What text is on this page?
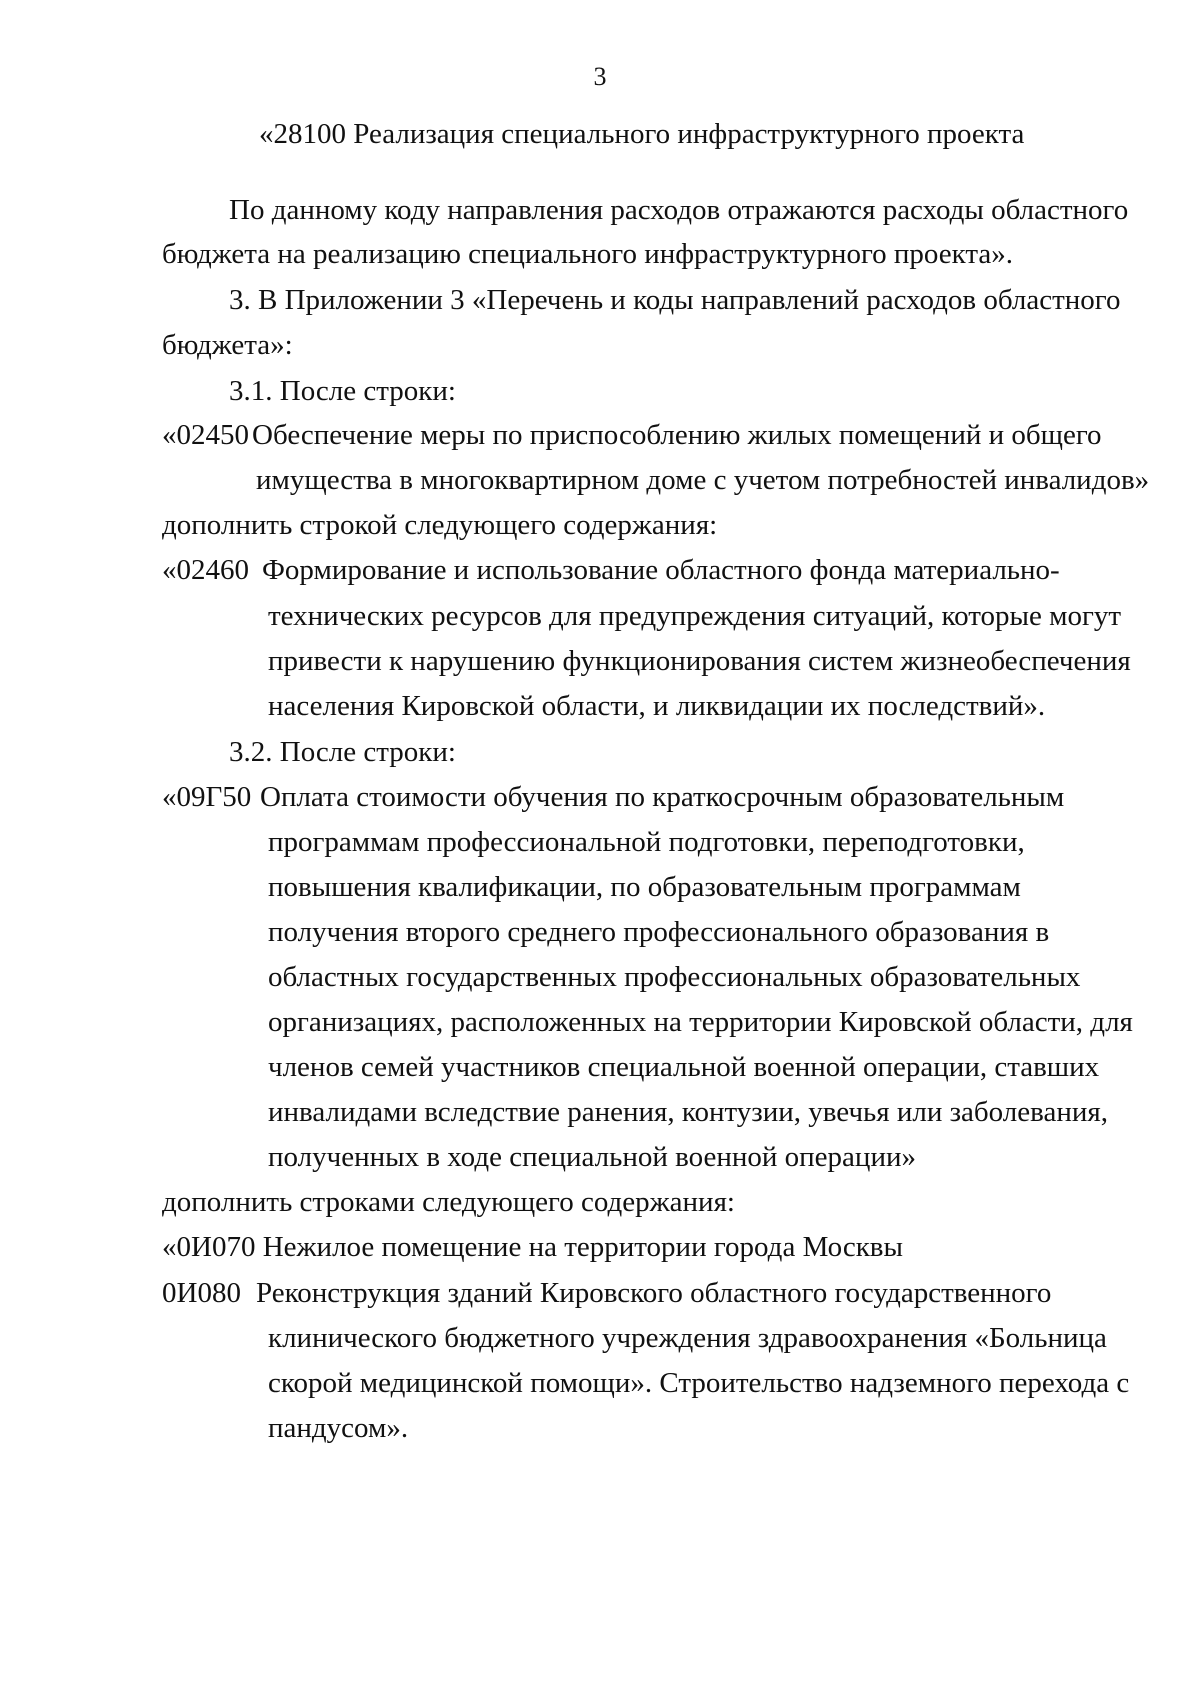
3
«28100 Реализация специального инфраструктурного проекта
По данному коду направления расходов отражаются расходы областного
бюджета на реализацию специального инфраструктурного проекта».
3. В Приложении 3 «Перечень и коды направлений расходов областного
бюджета»:
3.1. После строки:
«02450 Обеспечение меры по приспособлению жилых помещений и общего
имущества в многоквартирном доме с учетом потребностей инвалидов»
дополнить строкой следующего содержания:
«02460 Формирование и использование областного фонда материально-
технических ресурсов для предупреждения ситуаций, которые могут
привести к нарушению функционирования систем жизнеобеспечения
населения Кировской области, и ликвидации их последствий».
3.2. После строки:
«09Г50 Оплата стоимости обучения по краткосрочным образовательным
программам профессиональной подготовки, переподготовки,
повышения квалификации, по образовательным программам
получения второго среднего профессионального образования в
областных государственных профессиональных образовательных
организациях, расположенных на территории Кировской области, для
членов семей участников специальной военной операции, ставших
инвалидами вследствие ранения, контузии, увечья или заболевания,
полученных в ходе специальной военной операции»
дополнить строками следующего содержания:
«0И070 Нежилое помещение на территории города Москвы
0И080 Реконструкция зданий Кировского областного государственного
клинического бюджетного учреждения здравоохранения «Больница
скорой медицинской помощи». Строительство надземного перехода с
пандусом».
